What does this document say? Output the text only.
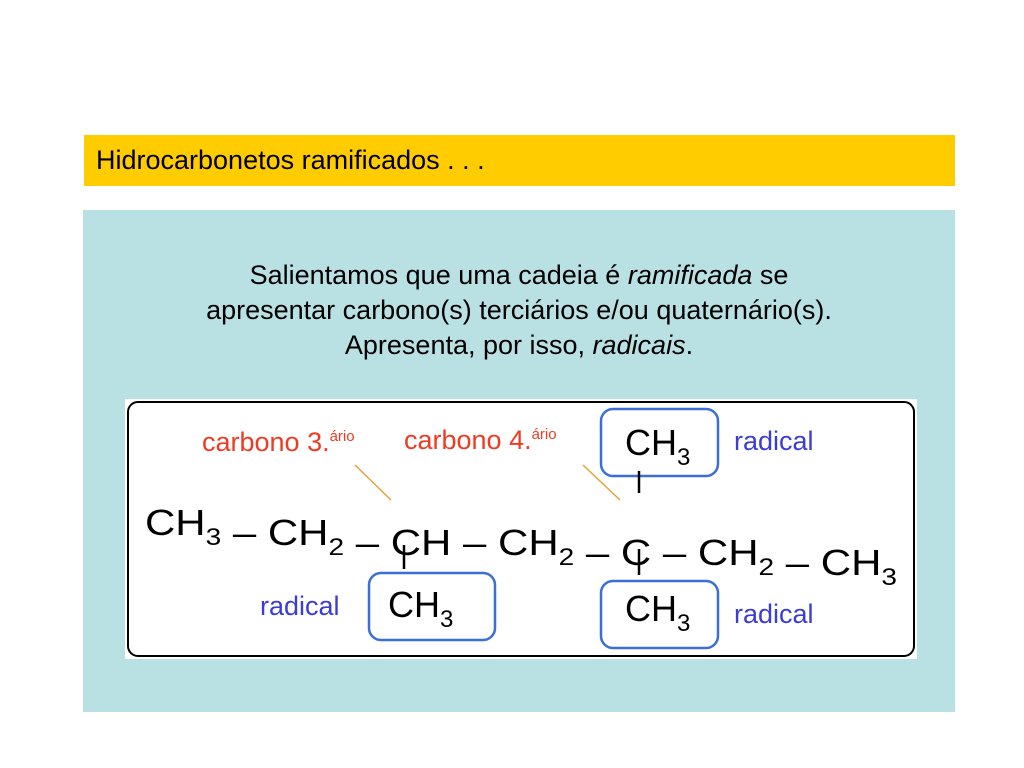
Hidrocarbonetos ramificados . . .
Salientamos que uma cadeia é ramificada se
apresentar carbono(s) terciários e/ou quaternário(s).
Apresenta, por isso, radicais.
carbono 3.$^{ário}$ carbono 4.$^{ário}$	radical
radical	radical
$CH_3$
$CH_3$	$CH_3$
CH $_3$ – CH $_2$ – CH – CH $_2$ – C – CH $_2$ – CH $_3$
